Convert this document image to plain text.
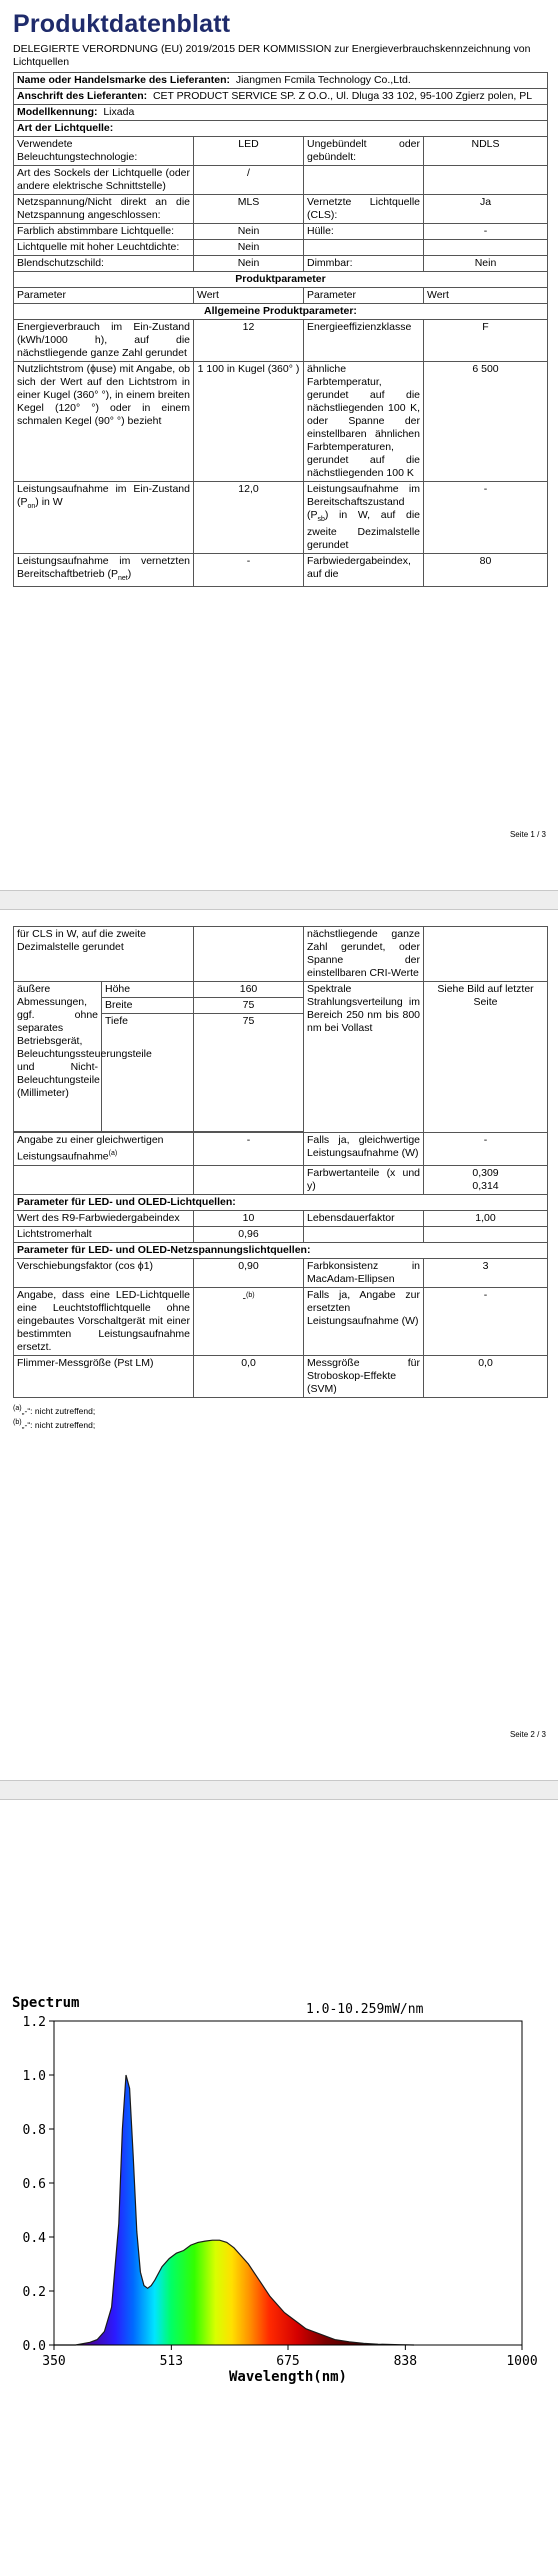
Produktdatenblatt
DELEGIERTE VERORDNUNG (EU) 2019/2015 DER KOMMISSION zur Energieverbrauchskennzeichnung von Lichtquellen
Name oder Handelsmarke des Lieferanten: Jiangmen Fcmila Technology Co.,Ltd.			
Anschrift des Lieferanten: CET PRODUCT SERVICE SP. Z O.O., Ul. Dluga 33 102, 95-100 Zgierz polen, PL			
Modellkennung: Lixada			
Art der Lichtquelle:			
Verwendete Beleuchtungstechnologie:	LED	Ungebündelt oder gebündelt:	NDLS
Art des Sockels der Lichtquelle (oder andere elektrische Schnittstelle)	/		
Netzspannung/Nicht direkt an die Netzspannung angeschlossen:	MLS	Vernetzte Lichtquelle (CLS):	Ja
Farblich abstimmbare Lichtquelle:	Nein	Hülle:	-
Lichtquelle mit hoher Leuchtdichte:	Nein		
Blendschutzschild:	Nein	Dimmbar:	Nein
Produktparameter			
Parameter	Wert	Parameter	Wert
Allgemeine Produktparameter:			
Energieverbrauch im Ein-Zustand (kWh/1000 h), auf die nächstliegende ganze Zahl gerundet	12	Energieeffizienzklasse	F
Nutzlichtstrom (ϕuse) mit Angabe, ob sich der Wert auf den Lichtstrom in einer Kugel (360° °), in einem breiten Kegel (120° °) oder in einem schmalen Kegel (90° °) bezieht	1 100 in Kugel (360° )	ähnliche Farbtemperatur, gerundet auf die nächstliegenden 100 K, oder Spanne der einstellbaren ähnlichen Farbtemperaturen, gerundet auf die nächstliegenden 100 K	6 500
Leistungsaufnahme im Ein-Zustand $(P_{on})$ in W	12,0	Leistungsaufnahme im Bereitschaftszustand $(P_{sb})$ in W, auf die zweite Dezimalstelle gerundet	-
Leistungsaufnahme im vernetzten Bereitschaftbetrieb $(P_{net})$	-	Farbwiedergabeindex, auf die	80
Seite 1 / 3
für CLS in W, auf die zweite Dezimalstelle gerundet			nächstliegende ganze Zahl gerundet, oder Spanne der einstellbaren CRI-Werte	
äußere Abmessungen, ggf. ohne separates Betriebsgerät, Beleuchtungssteuerungsteile und Nicht-Beleuchtungsteile (Millimeter)	Höhe	160	Spektrale Strahlungsverteilung im Bereich 250 nm bis 800 nm bei Vollast	Siehe Bild auf letzter Seite
	Breite	75		
	Tiefe	75		

Angabe zu einer gleichwertigen Leistungsaufnahme$^{(a)}$		-	Falls ja, gleichwertige Leistungsaufnahme (W)	-
			Farbwertanteile (x und y)	0,309
0,314

Parameter für LED- und OLED-Lichtquellen:				
Wert des R9-Farbwiedergabeindex		10	Lebensdauerfaktor	1,00
Lichtstromerhalt		0,96		
Parameter für LED- und OLED-Netzspannungslichtquellen:				
Verschiebungsfaktor (cos ϕ1)		0,90	Farbkonsistenz in MacAdam-Ellipsen	3
Angabe, dass eine LED-Lichtquelle eine Leuchtstofflichtquelle ohne eingebautes Vorschaltgerät mit einer bestimmten Leistungsaufnahme ersetzt.		-$^{(b)}$	Falls ja, Angabe zur ersetzten Leistungsaufnahme (W)	-
Flimmer-Messgröße (Pst LM)		0,0	Messgröße für Stroboskop-Effekte (SVM)	0,0
$^{(a)}$„-“: nicht zutreffend;
$^{(b)}$„-“: nicht zutreffend;
Seite 2 / 3
Spectrum	1.0-10.259mW/nm
0.0
0.2
0.4
0.6
0.8
1.0
1.2
350	513	675	838	1000
Wavelength(nm)
